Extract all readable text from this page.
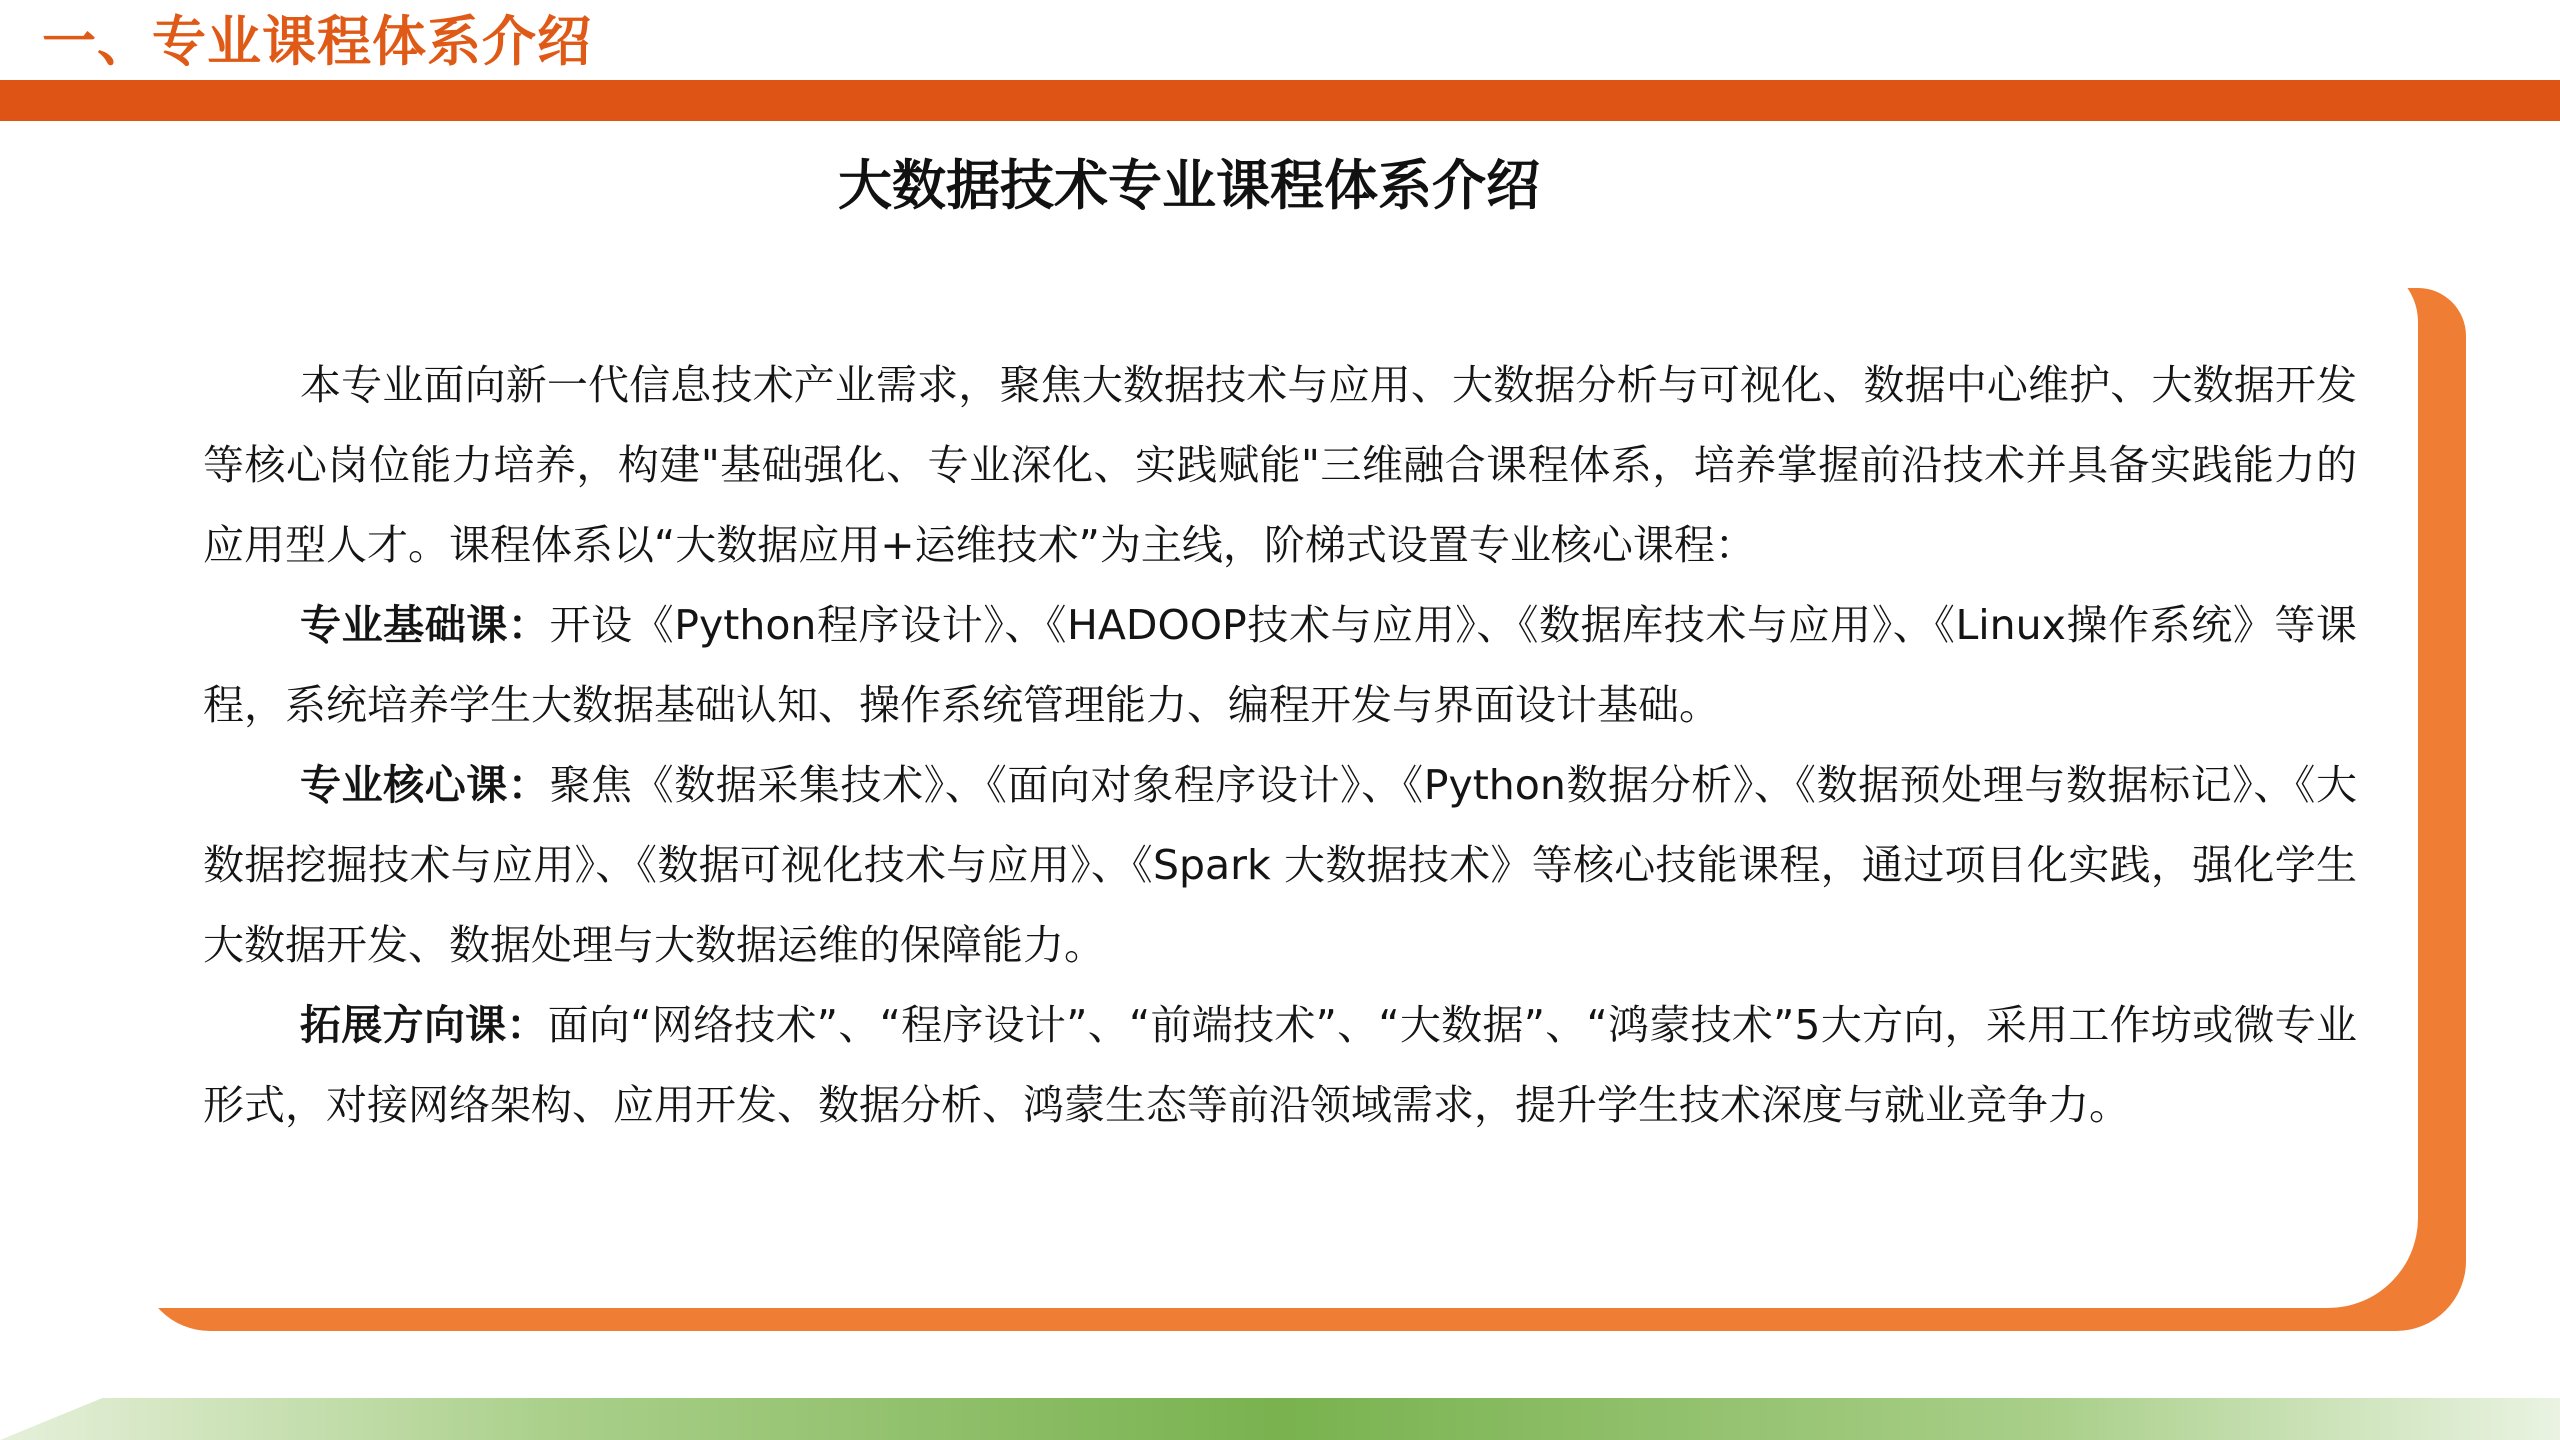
一、专业课程体系介绍
大数据技术专业课程体系介绍

本专业面向新一代信息技术产业需求，聚焦大数据技术与应用、大数据分析与可视化、数据中心维护、大数据开发等核心岗位能力培养，构建"基础强化、专业深化、实践赋能"三维融合课程体系，培养掌握前沿技术并具备实践能力的应用型人才。课程体系以“大数据应用+运维技术”为主线，阶梯式设置专业核心课程：

专业基础课：开设《Python程序设计》、《HADOOP技术与应用》、《数据库技术与应用》、《Linux操作系统》等课程，系统培养学生大数据基础认知、操作系统管理能力、编程开发与界面设计基础。

专业核心课：聚焦《数据采集技术》、《面向对象程序设计》、《Python数据分析》、《数据预处理与数据标记》、《大数据挖掘技术与应用》、《数据可视化技术与应用》、《Spark 大数据技术》等核心技能课程，通过项目化实践，强化学生大数据开发、数据处理与大数据运维的保障能力。

拓展方向课：面向“网络技术”、“程序设计”、“前端技术”、“大数据”、“鸿蒙技术”5大方向，采用工作坊或微专业形式，对接网络架构、应用开发、数据分析、鸿蒙生态等前沿领域需求，提升学生技术深度与就业竞争力。
